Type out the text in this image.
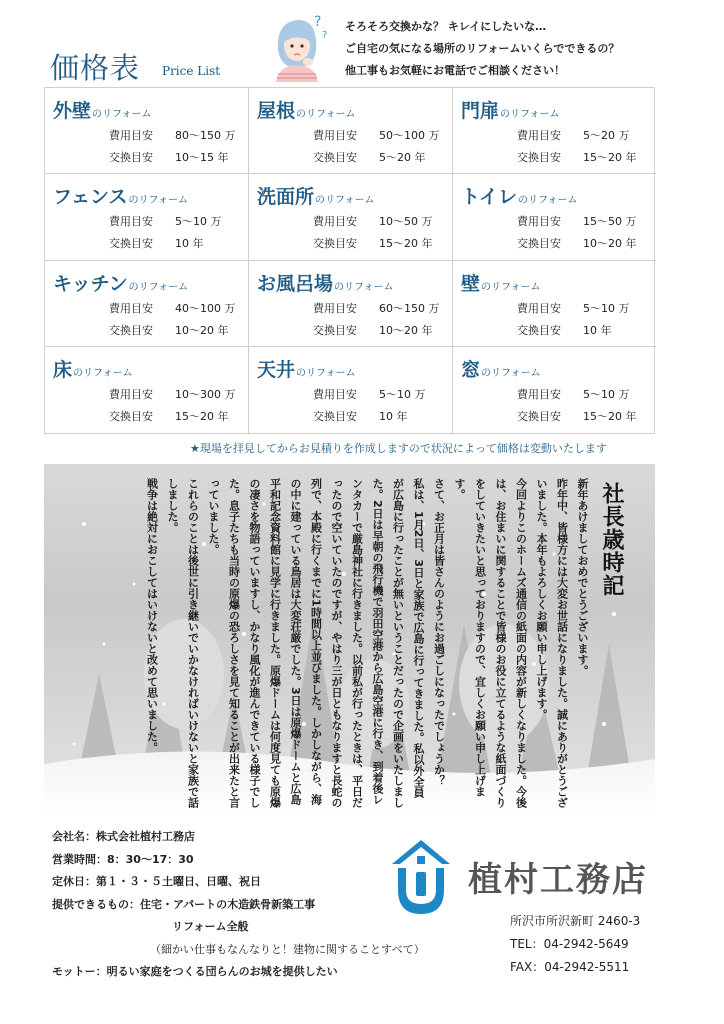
価格表 Price List
?
?
そろそろ交換かな？ キレイにしたいな…
ご自宅の気になる場所のリフォームいくらでできるの？
他工事もお気軽にお電話でご相談ください！
外壁のリフォーム
費用目安 80〜150 万
交換目安 10〜15 年
屋根のリフォーム
費用目安 50〜100 万
交換目安 5〜20 年
門扉のリフォーム
費用目安 5〜20 万
交換目安 15〜20 年
フェンスのリフォーム
費用目安 5〜10 万
交換目安 10 年
洗面所のリフォーム
費用目安 10〜50 万
交換目安 15〜20 年
トイレのリフォーム
費用目安 15〜50 万
交換目安 10〜20 年
キッチンのリフォーム
費用目安 40〜100 万
交換目安 10〜20 年
お風呂場のリフォーム
費用目安 60〜150 万
交換目安 10〜20 年
壁のリフォーム
費用目安 5〜10 万
交換目安 10 年
床のリフォーム
費用目安 10〜300 万
交換目安 15〜20 年
天井のリフォーム
費用目安 5〜10 万
交換目安 10 年
窓のリフォーム
費用目安 5〜10 万
交換目安 15〜20 年
★現場を拝見してからお見積りを作成しますので状況によって価格は変動いたします
社長歳時記

新年あけましておめでとうございます。

昨年中、皆様方には大変お世話になりました。誠にありがとうございました。本年もよろしくお願い申し上げます。

今回よりこのホームズ通信の紙面の内容が新しくなりました。今後は、お住まいに関することで皆様のお役に立てるような紙面づくりをしていきたいと思っておりますので、宜しくお願い申し上げます。

さて、お正月は皆さんのようにお過ごしになったでしょうか？

私は、1月2日、3日と家族で広島に行ってきました。私以外全員が広島に行ったことが無いということだったので企画をいたしました。2日は早朝の飛行機で羽田空港から広島空港に行き、到着後レンタカーで厳島神社に行きました。以前私が行ったときは、平日だったので空いていたのですが、やはり三が日ともなりますと長蛇の列で、本殿に行くまでに1時間以上並びました。しかしながら、海の中に建っている鳥居は大変荘厳でした。3日は原爆ドームと広島平和記念資料館に見学に行きました。原爆ドームは何度見ても原爆の凄さを物語っていますし、かなり風化が進んできている様子でした。息子たちも当時の原爆の恐ろしさを見て知ることが出来たと言っていました。

これらのことは後世に引き継いでいかなければいけないと家族で話しました。

戦争は絶対におこしてはいけないと改めて思いました。

会社名：株式会社植村工務店
営業時間：8：30〜17：30
定休日：第１・３・５土曜日、日曜、祝日
提供できるもの：住宅・アパートの木造鉄骨新築工事
リフォーム全般
（細かい仕事もなんなりと！建物に関することすべて）
モットー：明るい家庭をつくる団らんのお城を提供したい
植村工務店
所沢市所沢新町 2460-3
TEL：04-2942-5649
FAX：04-2942-5511
